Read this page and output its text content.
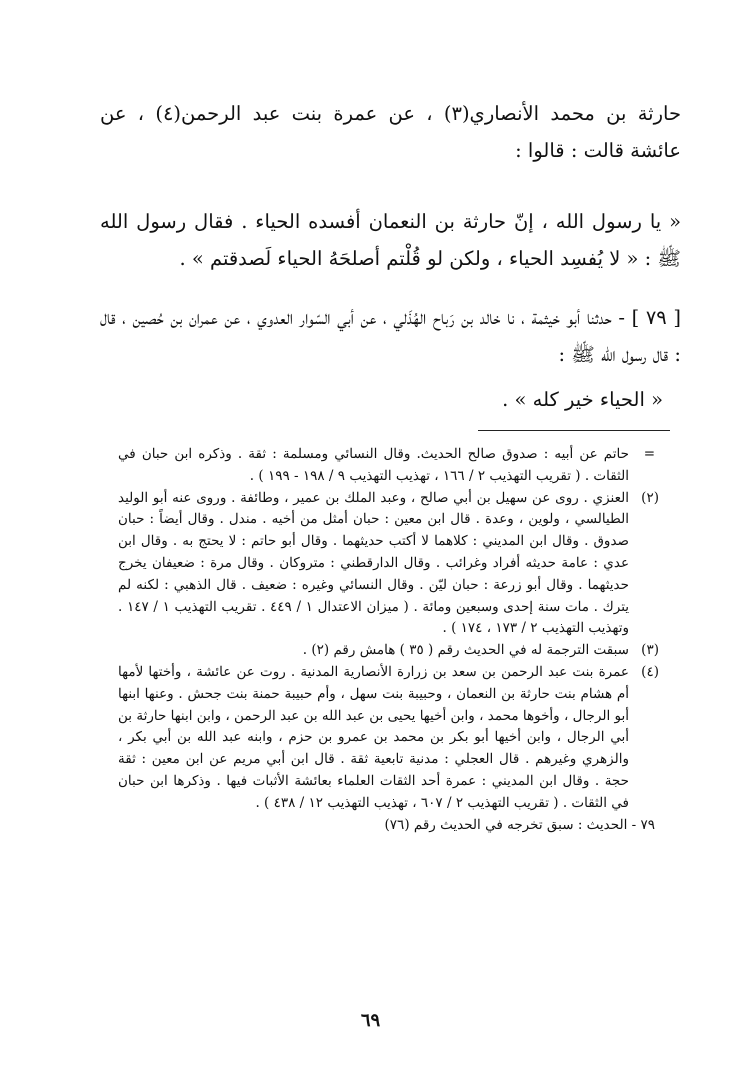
حارثة بن محمد الأنصاري(٣) ، عن عمرة بنت عبد الرحمن(٤) ، عن عائشة قالت : قالوا :

« يا رسول الله ، إنّ حارثة بن النعمان أفسده الحياء . فقال رسول الله ﷺ : « لا يُفسِد الحياء ، ولكن لو قُلْتم أصلحَهُ الحياء لَصدقتم » .

[ ٧٩ ] - حدثنا أبو خيثمة ، نا خالد بن رَباح الهُذَلي ، عن أبي السّوار العدوي ، عن عمران بن حُصين ، قال : قال رسول الله ﷺ :

« الحياء خير كله » .

=
حاتم عن أبيه : صدوق صالح الحديث. وقال النسائي ومسلمة : ثقة . وذكره ابن حبان في الثقات . ( تقريب التهذيب ٢ / ١٦٦ ، تهذيب التهذيب ٩ / ١٩٨ - ١٩٩ ) .

(٢)
العنزي . روى عن سهيل بن أبي صالح ، وعبد الملك بن عمير ، وطائفة . وروى عنه أبو الوليد الطيالسي ، ولوين ، وعدة . قال ابن معين : حبان أمثل من أخيه . مندل . وقال أيضاً : حبان صدوق . وقال ابن المديني : كلاهما لا أكتب حديثهما . وقال أبو حاتم : لا يحتج به . وقال ابن عدي : عامة حديثه أفراد وغرائب . وقال الدارقطني : متروكان . وقال مرة : ضعيفان يخرج حديثهما . وقال أبو زرعة : حبان ليّن . وقال النسائي وغيره : ضعيف . قال الذهبي : لكنه لم يترك . مات سنة إحدى وسبعين ومائة . ( ميزان الاعتدال ١ / ٤٤٩ . تقريب التهذيب ١ / ١٤٧ . وتهذيب التهذيب ٢ / ١٧٣ ، ١٧٤ ) .

(٣)
سبقت الترجمة له في الحديث رقم ( ٣٥ ) هامش رقم (٢) .

(٤)
عمرة بنت عبد الرحمن بن سعد بن زرارة الأنصارية المدنية . روت عن عائشة ، وأختها لأمها أم هشام بنت حارثة بن النعمان ، وحبيبة بنت سهل ، وأم حبيبة حمنة بنت جحش . وعنها ابنها أبو الرجال ، وأخوها محمد ، وابن أخيها يحيى بن عبد الله بن عبد الرحمن ، وابن ابنها حارثة بن أبي الرجال ، وابن أخيها أبو بكر بن محمد بن عمرو بن حزم ، وابنه عبد الله بن أبي بكر ، والزهري وغيرهم . قال العجلي : مدنية تابعية ثقة . قال ابن أبي مريم عن ابن معين : ثقة حجة . وقال ابن المديني : عمرة أحد الثقات العلماء بعائشة الأثبات فيها . وذكرها ابن حبان في الثقات . ( تقريب التهذيب ٢ / ٦٠٧ ، تهذيب التهذيب ١٢ / ٤٣٨ ) .

٧٩ - الحديث : سبق تخرجه في الحديث رقم (٧٦)

٦٩
